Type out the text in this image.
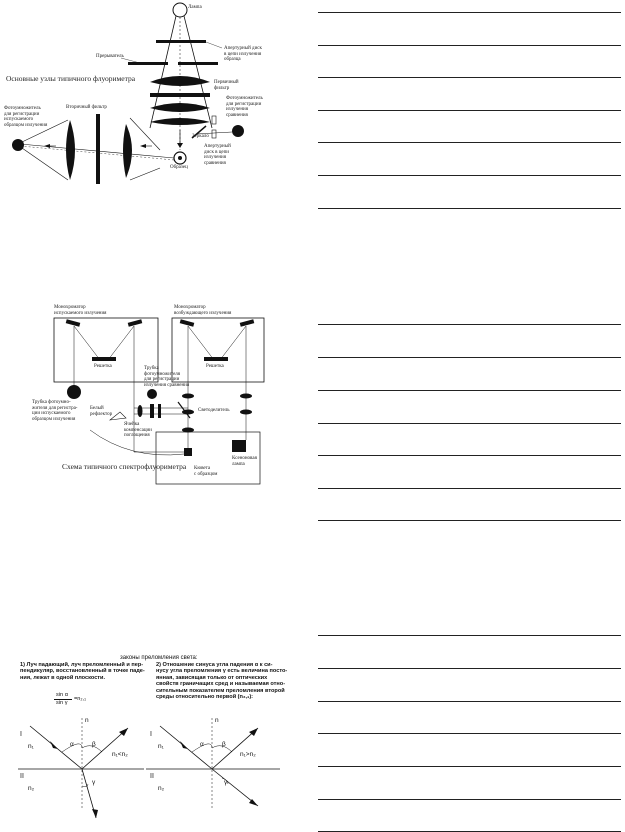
Лампа
Апертурный диск
в цепи излучения
образца
Прерыватель
Основные узлы типичного флуориметра	Первичный
фильтр
Фотоумножитель
для регистрации
излучения
сравнения
Вторичный фильтр
Фотоумножитель
для регистрации
испускаемого
образцом излучения
Зеркало
Апертурный
диск в цепи
излучения
сравнения
Образец
Монохроматор
испускаемого излучения
Монохроматор
возбуждающего излучения
Решетка	Решетка
Трубка
фотоумножителя
для регистрации
излучения сравнения
Трубка фотоумно-
жителя для регистра-
ции испускаемого
образцом излучения
Белый
рефлектор
Светоделитель
Ячейка
компенсации
поглощения
Ксеноновая
лампа
Схема типичного спектрофлуориметра Кювета
с образцом
законы преломления света:
1) Луч падающий, луч преломленный и пер-
пендикуляр, восстановленный в точке паде-
ния, лежат в одной плоскости.
2) Отношение синуса угла падения α к си-
нусу угла преломления γ есть величина посто-
янная, зависящая только от оптических
свойств граничащих сред и называемая отно-
сительным показателем преломления второй
среды относительно первой (n₂,₁):
sin α
sin γ
=n₂,₁
I
n₁
n
α	β
n₁<n₂
II
n₂
γ
I
n₁
n
α	β
n₁>n₂
II
n₂
γ
